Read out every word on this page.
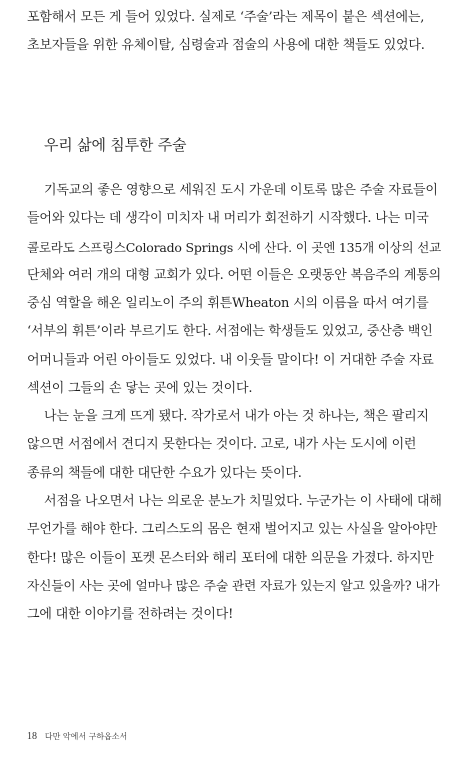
포함해서 모든 게 들어 있었다. 실제로 ‘주술’라는 제목이 붙은 섹션에는,
초보자들을 위한 유체이탈, 심령술과 점술의 사용에 대한 책들도 있었다.
우리 삶에 침투한 주술
기독교의 좋은 영향으로 세워진 도시 가운데 이토록 많은 주술 자료들이
들어와 있다는 데 생각이 미치자 내 머리가 회전하기 시작했다. 나는 미국
콜로라도 스프링스Colorado Springs 시에 산다. 이 곳엔 135개 이상의 선교
단체와 여러 개의 대형 교회가 있다. 어떤 이들은 오랫동안 복음주의 계통의
중심 역할을 해온 일리노이 주의 휘튼Wheaton 시의 이름을 따서 여기를
‘서부의 휘튼’이라 부르기도 한다. 서점에는 학생들도 있었고, 중산층 백인
어머니들과 어린 아이들도 있었다. 내 이웃들 말이다! 이 거대한 주술 자료
섹션이 그들의 손 닿는 곳에 있는 것이다.
나는 눈을 크게 뜨게 됐다. 작가로서 내가 아는 것 하나는, 책은 팔리지
않으면 서점에서 견디지 못한다는 것이다. 고로, 내가 사는 도시에 이런
종류의 책들에 대한 대단한 수요가 있다는 뜻이다.
서점을 나오면서 나는 의로운 분노가 치밀었다. 누군가는 이 사태에 대해
무언가를 해야 한다. 그리스도의 몸은 현재 벌어지고 있는 사실을 알아야만
한다! 많은 이들이 포켓 몬스터와 해리 포터에 대한 의문을 가졌다. 하지만
자신들이 사는 곳에 얼마나 많은 주술 관련 자료가 있는지 알고 있을까? 내가
그에 대한 이야기를 전하려는 것이다!
18 다만 악에서 구하옵소서
